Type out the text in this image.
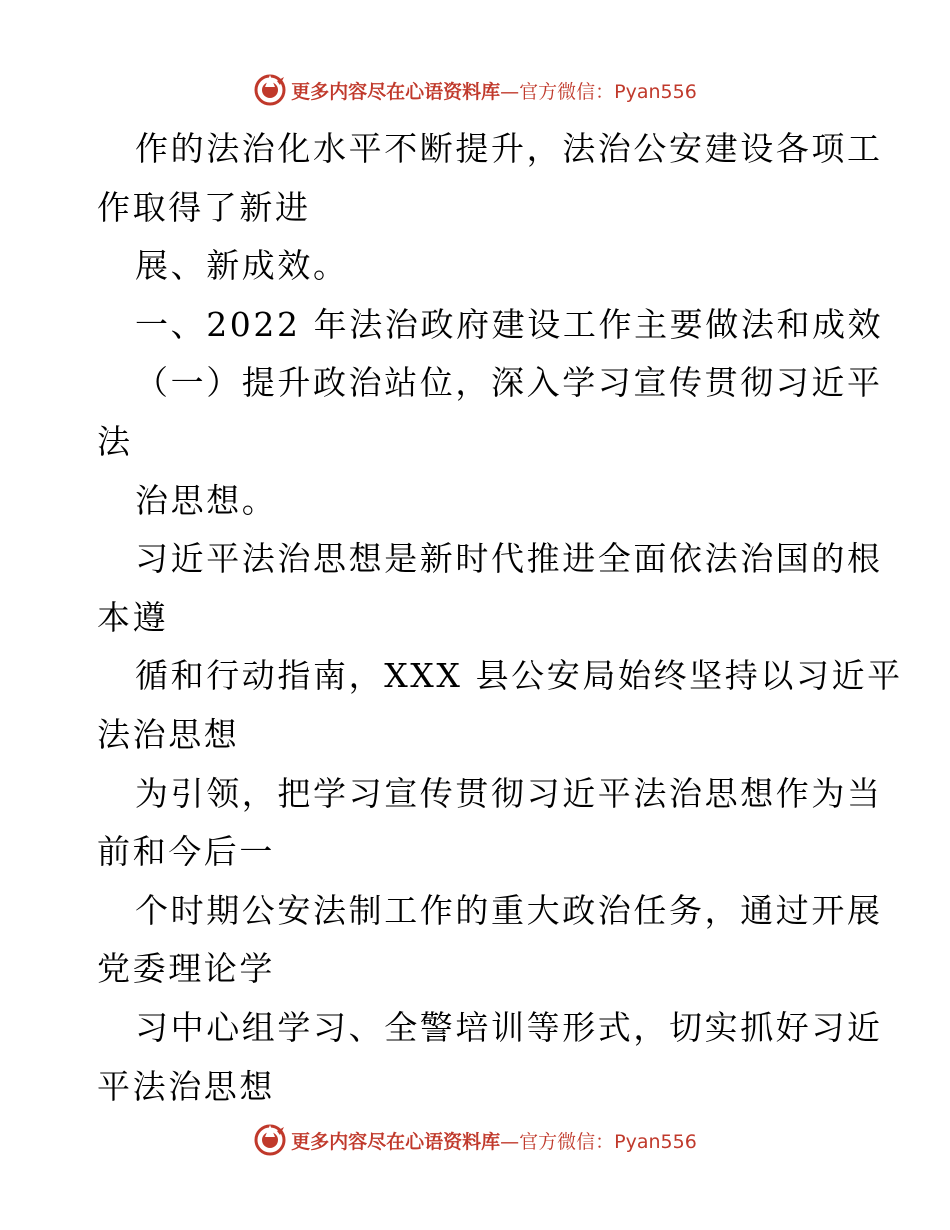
更多内容尽在心语资料库—官方微信：Pyan556
作的法治化水平不断提升，法治公安建设各项工
作取得了新进
展、新成效。
一、2022 年法治政府建设工作主要做法和成效
（一）提升政治站位，深入学习宣传贯彻习近平
法
治思想。
习近平法治思想是新时代推进全面依法治国的根
本遵
循和行动指南，XXX 县公安局始终坚持以习近平
法治思想
为引领，把学习宣传贯彻习近平法治思想作为当
前和今后一
个时期公安法制工作的重大政治任务，通过开展
党委理论学
习中心组学习、全警培训等形式，切实抓好习近
平法治思想
更多内容尽在心语资料库—官方微信：Pyan556
